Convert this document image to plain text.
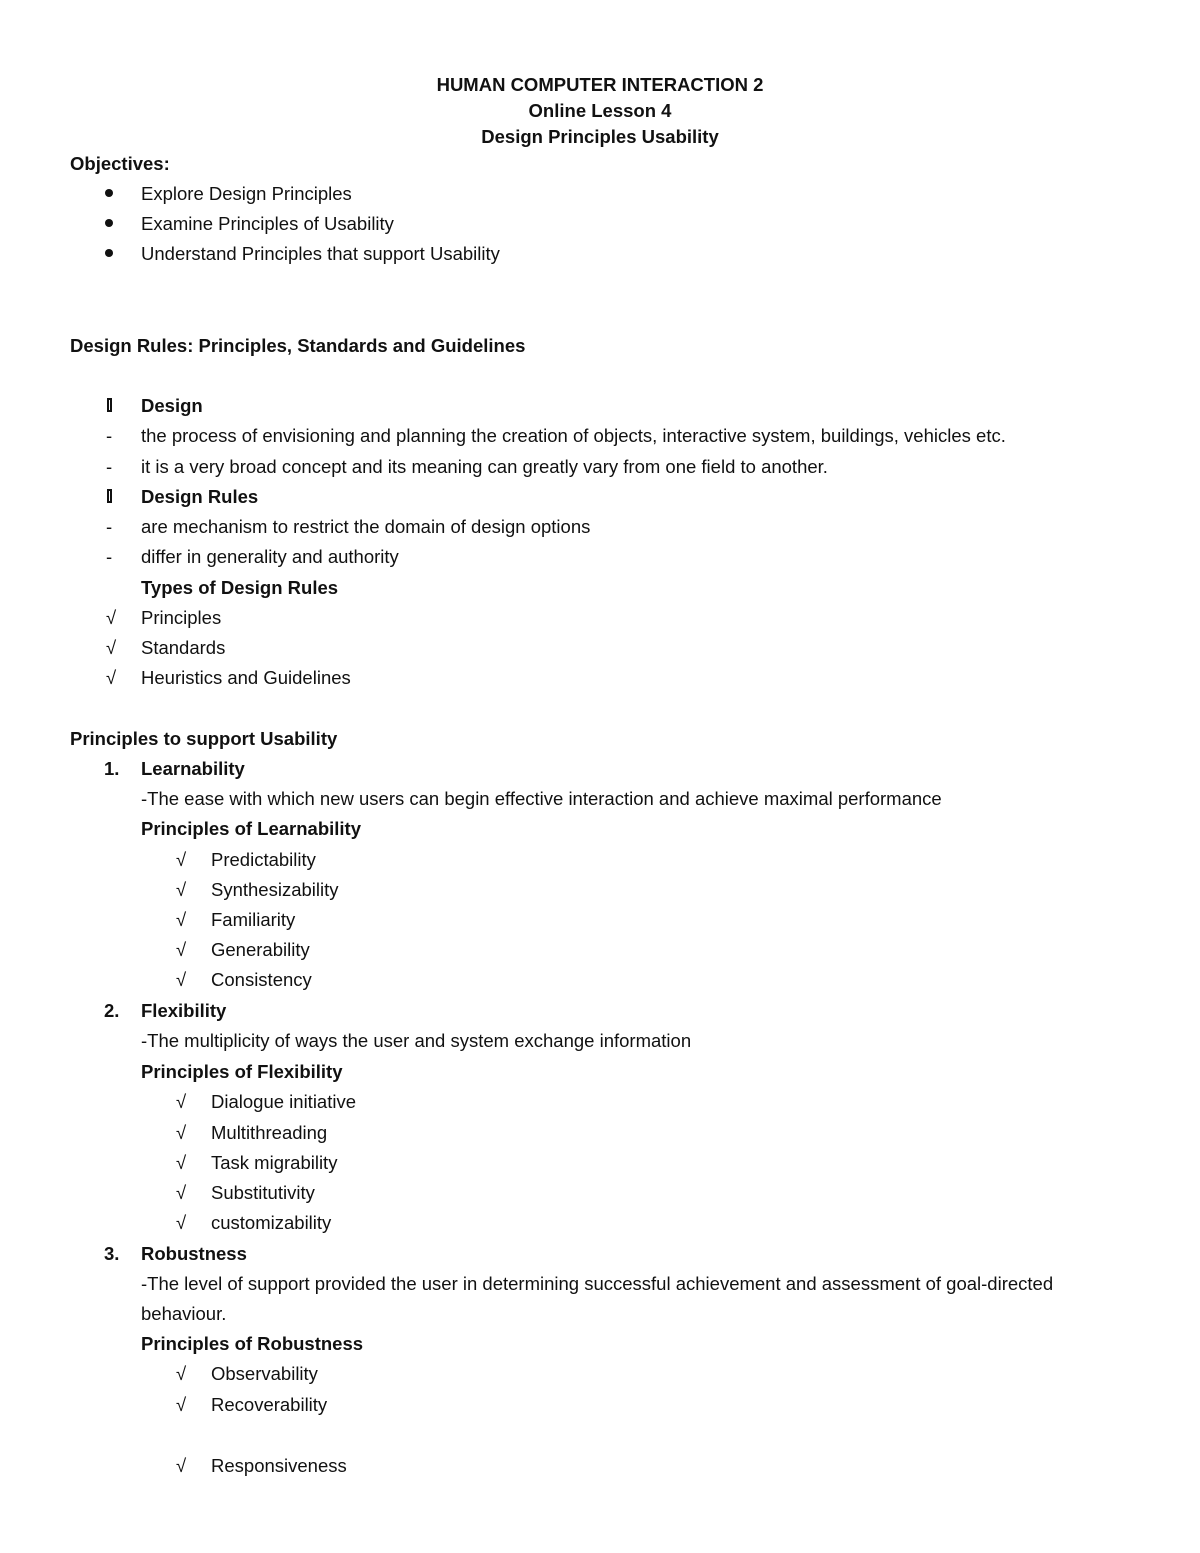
HUMAN COMPUTER INTERACTION 2
Online Lesson 4
Design Principles Usability
Objectives:
Explore Design Principles
Examine Principles of Usability
Understand Principles that support Usability
Design Rules: Principles, Standards and Guidelines
Design
- the process of envisioning and planning the creation of objects, interactive system, buildings, vehicles etc.
- it is a very broad concept and its meaning can greatly vary from one field to another.
Design Rules
- are mechanism to restrict the domain of design options
- differ in generality and authority
Types of Design Rules
√ Principles
√ Standards
√ Heuristics and Guidelines
Principles to support Usability
1. Learnability
-The ease with which new users can begin effective interaction and achieve maximal performance
Principles of Learnability
√ Predictability
√ Synthesizability
√ Familiarity
√ Generability
√ Consistency
2. Flexibility
-The multiplicity of ways the user and system exchange information
Principles of Flexibility
√ Dialogue initiative
√ Multithreading
√ Task migrability
√ Substitutivity
√ customizability
3. Robustness
-The level of support provided the user in determining successful achievement and assessment of goal-directed
behaviour.
Principles of Robustness
√ Observability
√ Recoverability
√ Responsiveness
